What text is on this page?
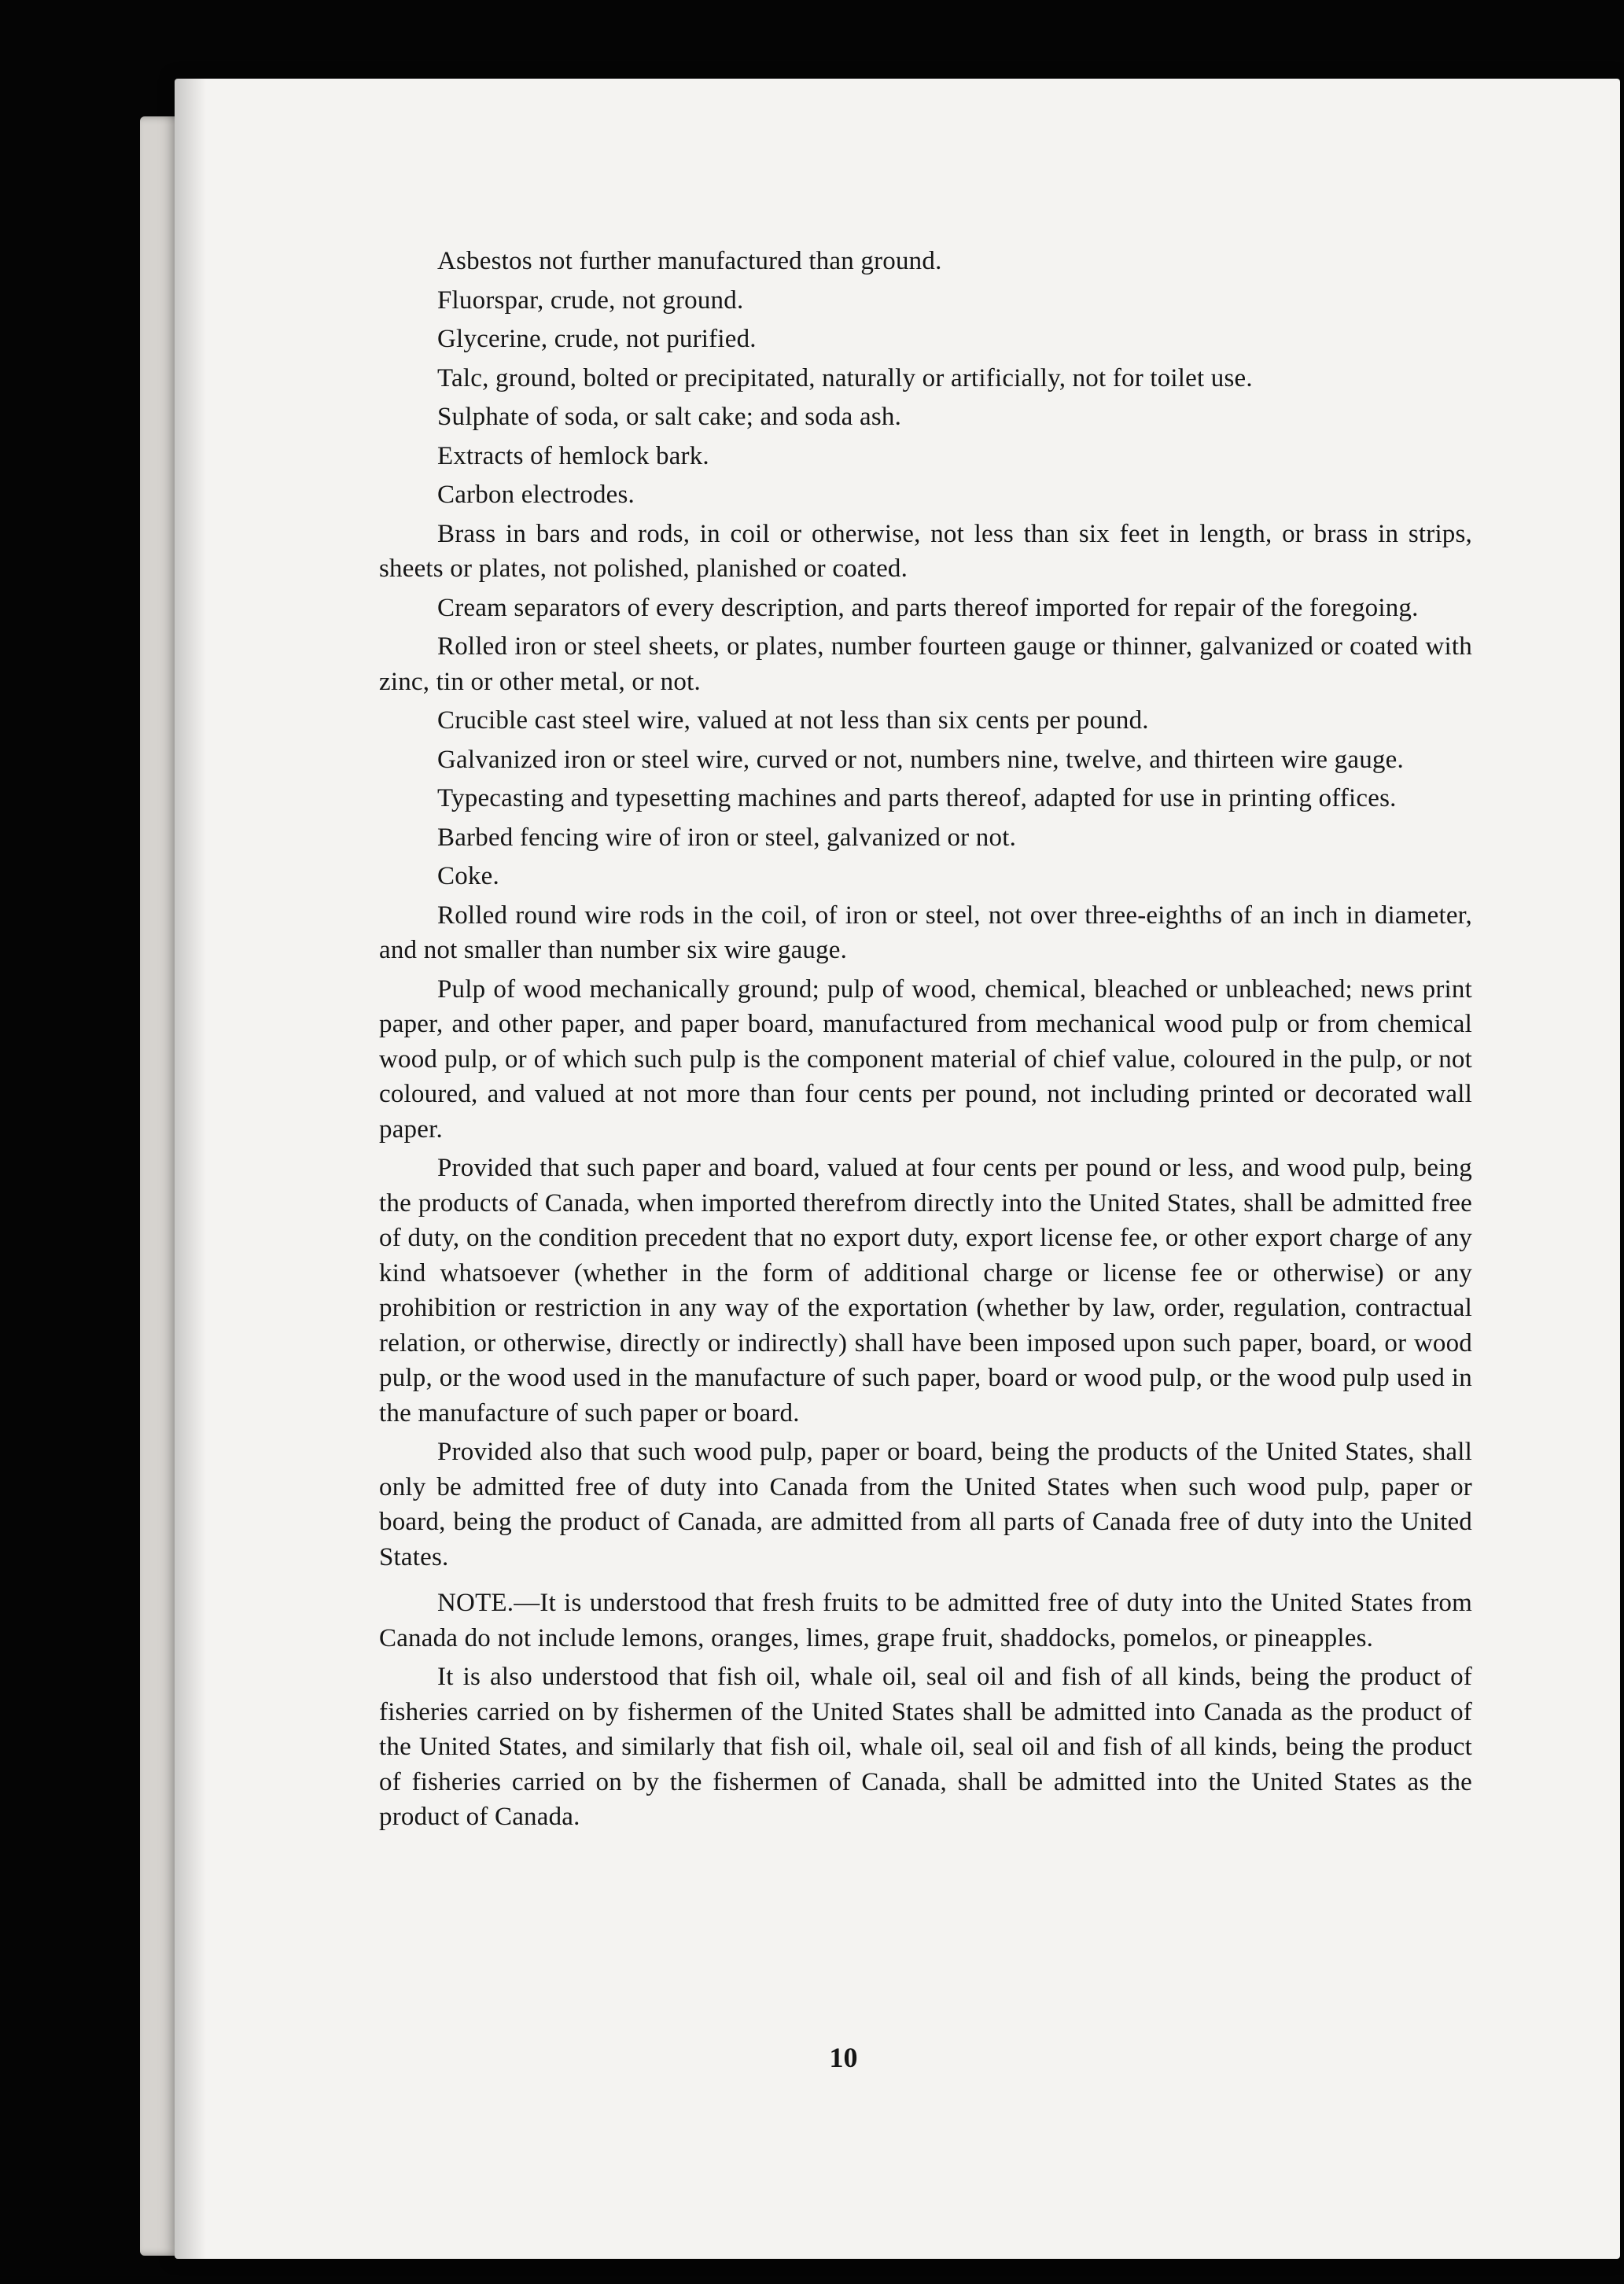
Asbestos not further manufactured than ground.

Fluorspar, crude, not ground.

Glycerine, crude, not purified.

Talc, ground, bolted or precipitated, naturally or artificially, not for toilet use.

Sulphate of soda, or salt cake; and soda ash.

Extracts of hemlock bark.

Carbon electrodes.

Brass in bars and rods, in coil or otherwise, not less than six feet in length, or brass in strips, sheets or plates, not polished, planished or coated.

Cream separators of every description, and parts thereof imported for repair of the foregoing.

Rolled iron or steel sheets, or plates, number fourteen gauge or thinner, galvanized or coated with zinc, tin or other metal, or not.

Crucible cast steel wire, valued at not less than six cents per pound.

Galvanized iron or steel wire, curved or not, numbers nine, twelve, and thirteen wire gauge.

Typecasting and typesetting machines and parts thereof, adapted for use in printing offices.

Barbed fencing wire of iron or steel, galvanized or not.

Coke.

Rolled round wire rods in the coil, of iron or steel, not over three-eighths of an inch in diameter, and not smaller than number six wire gauge.

Pulp of wood mechanically ground; pulp of wood, chemical, bleached or unbleached; news print paper, and other paper, and paper board, manufactured from mechanical wood pulp or from chemical wood pulp, or of which such pulp is the component material of chief value, coloured in the pulp, or not coloured, and valued at not more than four cents per pound, not including printed or decorated wall paper.

Provided that such paper and board, valued at four cents per pound or less, and wood pulp, being the products of Canada, when imported therefrom directly into the United States, shall be admitted free of duty, on the condition precedent that no export duty, export license fee, or other export charge of any kind whatsoever (whether in the form of additional charge or license fee or otherwise) or any prohibition or restriction in any way of the exportation (whether by law, order, regulation, contractual relation, or otherwise, directly or indirectly) shall have been imposed upon such paper, board, or wood pulp, or the wood used in the manufacture of such paper, board or wood pulp, or the wood pulp used in the manufacture of such paper or board.

Provided also that such wood pulp, paper or board, being the products of the United States, shall only be admitted free of duty into Canada from the United States when such wood pulp, paper or board, being the product of Canada, are admitted from all parts of Canada free of duty into the United States.

NOTE.—It is understood that fresh fruits to be admitted free of duty into the United States from Canada do not include lemons, oranges, limes, grape fruit, shaddocks, pomelos, or pineapples.

It is also understood that fish oil, whale oil, seal oil and fish of all kinds, being the product of fisheries carried on by fishermen of the United States shall be admitted into Canada as the product of the United States, and similarly that fish oil, whale oil, seal oil and fish of all kinds, being the product of fisheries carried on by the fishermen of Canada, shall be admitted into the United States as the product of Canada.

10
